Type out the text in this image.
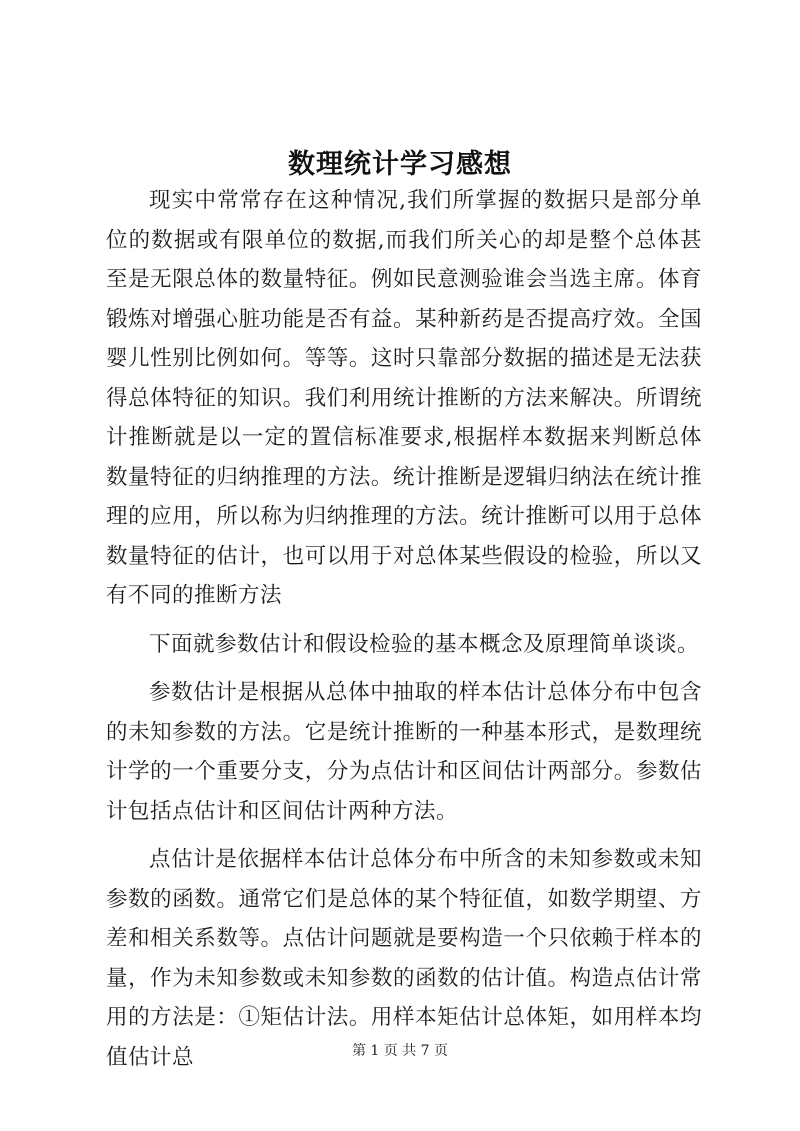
数理统计学习感想

现实中常常存在这种情况,我们所掌握的数据只是部分单位的数据或有限单位的数据,而我们所关心的却是整个总体甚至是无限总体的数量特征。例如民意测验谁会当选主席。体育锻炼对增强心脏功能是否有益。某种新药是否提高疗效。全国婴儿性别比例如何。等等。这时只靠部分数据的描述是无法获得总体特征的知识。我们利用统计推断的方法来解决。所谓统计推断就是以一定的置信标准要求,根据样本数据来判断总体数量特征的归纳推理的方法。统计推断是逻辑归纳法在统计推理的应用，所以称为归纳推理的方法。统计推断可以用于总体数量特征的估计，也可以用于对总体某些假设的检验，所以又有不同的推断方法

下面就参数估计和假设检验的基本概念及原理简单谈谈。

参数估计是根据从总体中抽取的样本估计总体分布中包含的未知参数的方法。它是统计推断的一种基本形式，是数理统计学的一个重要分支，分为点估计和区间估计两部分。参数估计包括点估计和区间估计两种方法。

点估计是依据样本估计总体分布中所含的未知参数或未知参数的函数。通常它们是总体的某个特征值，如数学期望、方差和相关系数等。点估计问题就是要构造一个只依赖于样本的量，作为未知参数或未知参数的函数的估计值。构造点估计常用的方法是：①矩估计法。用样本矩估计总体矩，如用样本均值估计总	第 1 页 共 7 页
